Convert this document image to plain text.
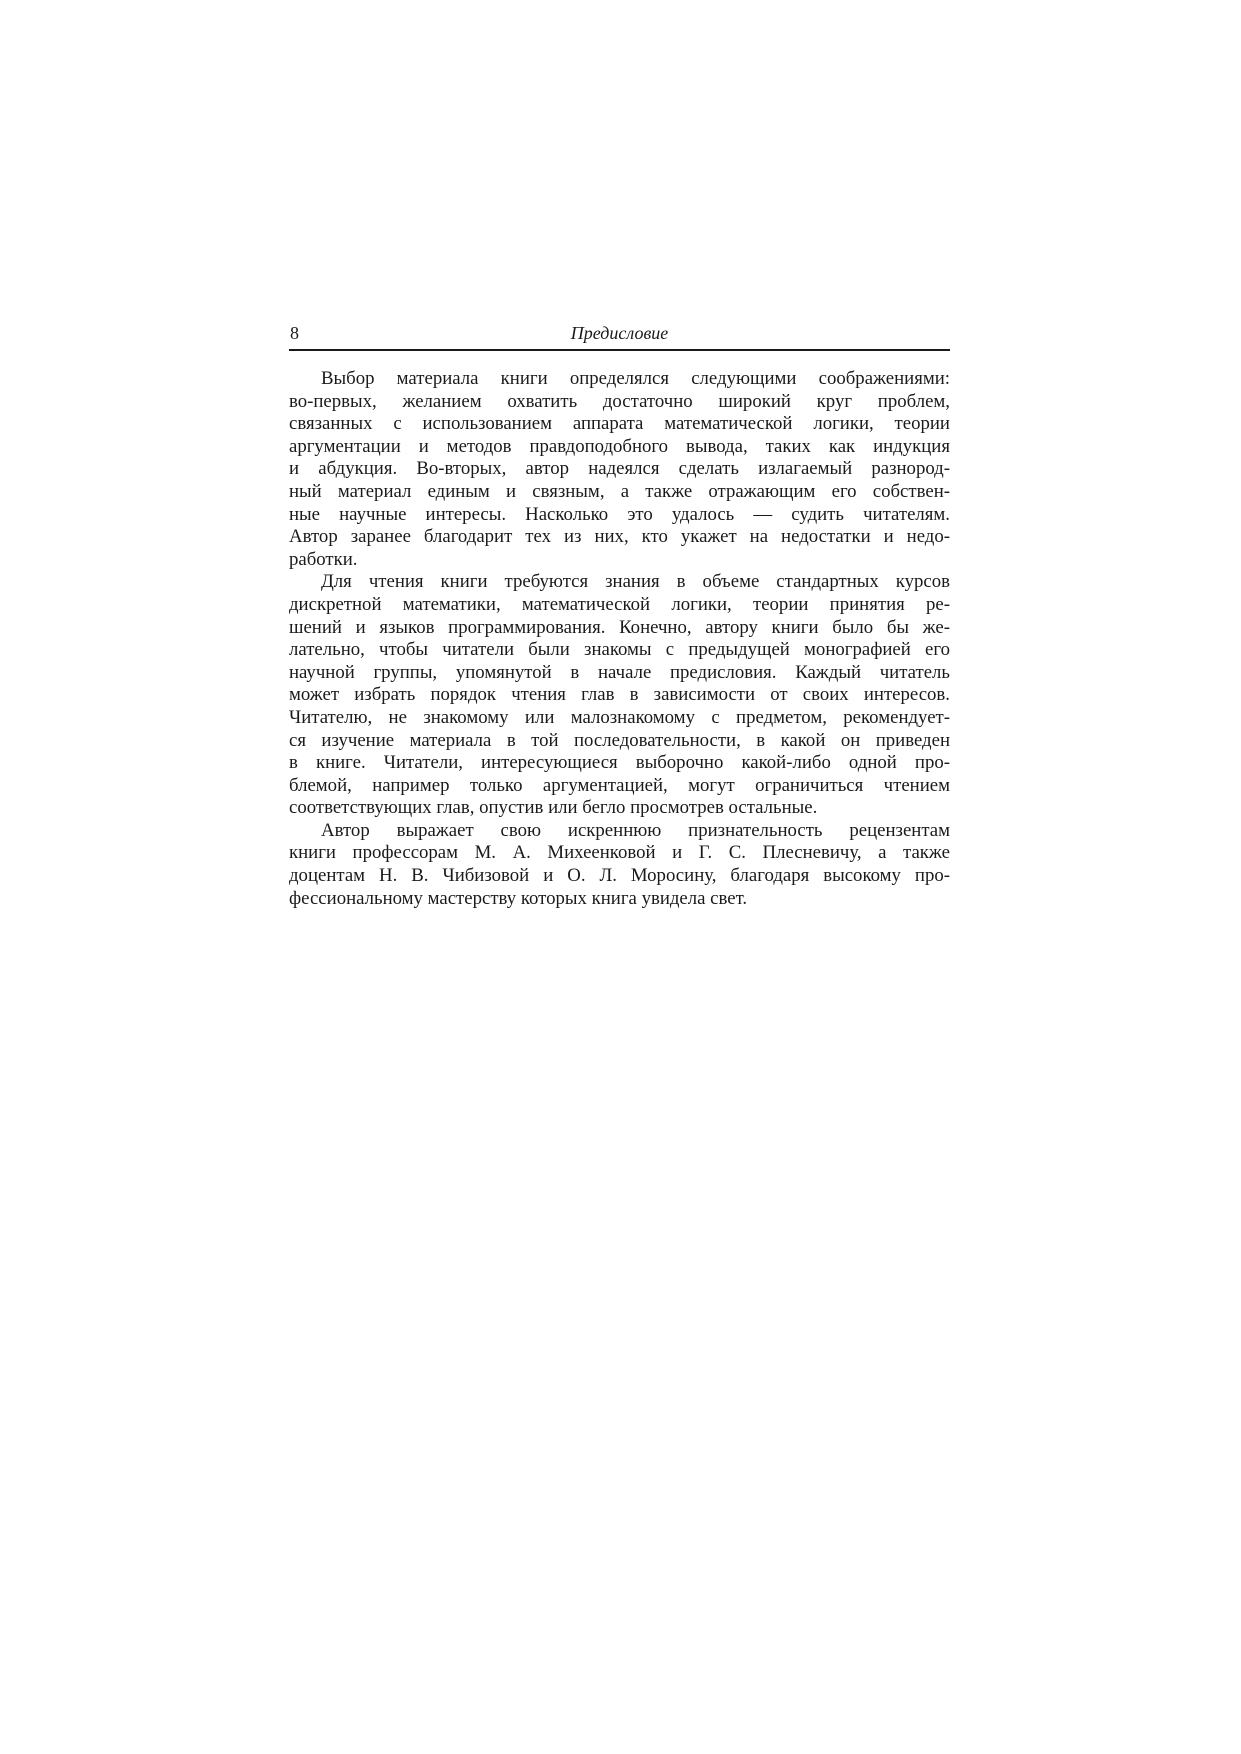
8	Предисловие

Выбор материала книги определялся следующими соображениями:
во-первых, желанием охватить достаточно широкий круг проблем,
связанных с использованием аппарата математической логики, теории
аргументации и методов правдоподобного вывода, таких как индукция
и абдукция. Во-вторых, автор надеялся сделать излагаемый разнород-
ный материал единым и связным, а также отражающим его собствен-
ные научные интересы. Насколько это удалось — судить читателям.
Автор заранее благодарит тех из них, кто укажет на недостатки и недо-
работки.

Для чтения книги требуются знания в объеме стандартных курсов
дискретной математики, математической логики, теории принятия ре-
шений и языков программирования. Конечно, автору книги было бы же-
лательно, чтобы читатели были знакомы с предыдущей монографией его
научной группы, упомянутой в начале предисловия. Каждый читатель
может избрать порядок чтения глав в зависимости от своих интересов.
Читателю, не знакомому или малознакомому с предметом, рекомендует-
ся изучение материала в той последовательности, в какой он приведен
в книге. Читатели, интересующиеся выборочно какой-либо одной про-
блемой, например только аргументацией, могут ограничиться чтением
соответствующих глав, опустив или бегло просмотрев остальные.

Автор выражает свою искреннюю признательность рецензентам
книги профессорам М. А. Михеенковой и Г. С. Плесневичу, а также
доцентам Н. В. Чибизовой и О. Л. Моросину, благодаря высокому про-
фессиональному мастерству которых книга увидела свет.
